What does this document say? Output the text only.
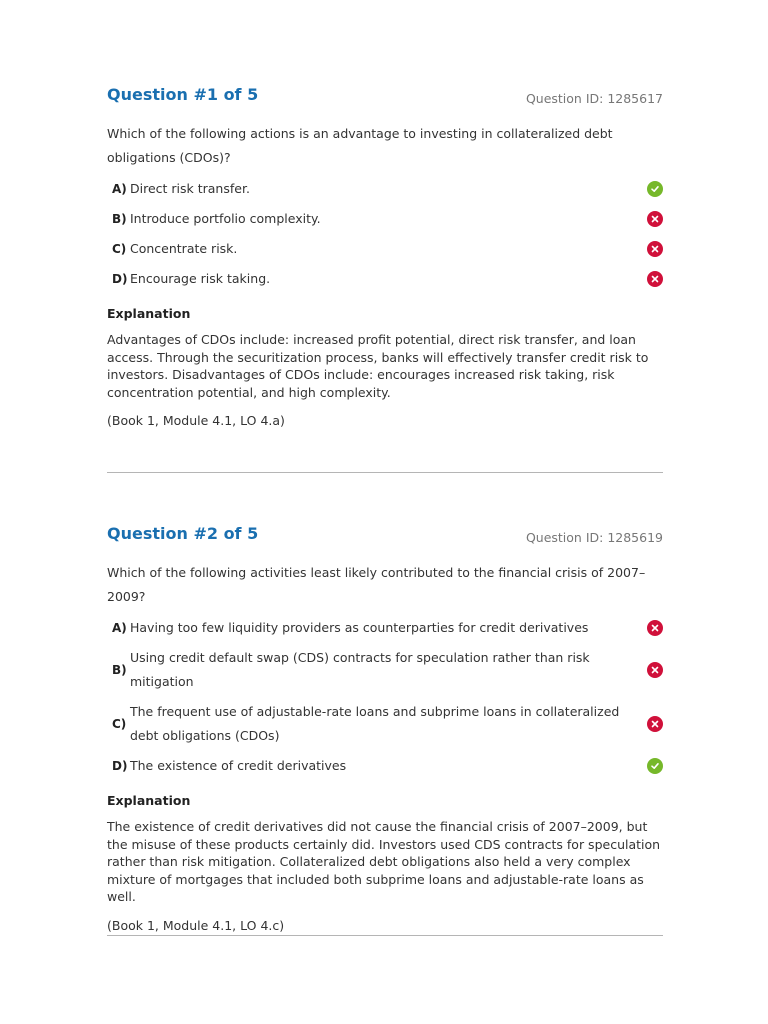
Question #1 of 5	Question ID: 1285617
Which of the following actions is an advantage to investing in collateralized debt obligations (CDOs)?
A) Direct risk transfer.
B) Introduce portfolio complexity.
C) Concentrate risk.
D) Encourage risk taking.
Explanation
Advantages of CDOs include: increased profit potential, direct risk transfer, and loan access. Through the securitization process, banks will effectively transfer credit risk to investors. Disadvantages of CDOs include: encourages increased risk taking, risk concentration potential, and high complexity.
(Book 1, Module 4.1, LO 4.a)
Question #2 of 5	Question ID: 1285619
Which of the following activities least likely contributed to the financial crisis of 2007–2009?
A) Having too few liquidity providers as counterparties for credit derivatives
B)
Using credit default swap (CDS) contracts for speculation rather than risk mitigation
C)
The frequent use of adjustable-rate loans and subprime loans in collateralized debt obligations (CDOs)
D) The existence of credit derivatives
Explanation
The existence of credit derivatives did not cause the financial crisis of 2007–2009, but the misuse of these products certainly did. Investors used CDS contracts for speculation rather than risk mitigation. Collateralized debt obligations also held a very complex mixture of mortgages that included both subprime loans and adjustable-rate loans as well.
(Book 1, Module 4.1, LO 4.c)
